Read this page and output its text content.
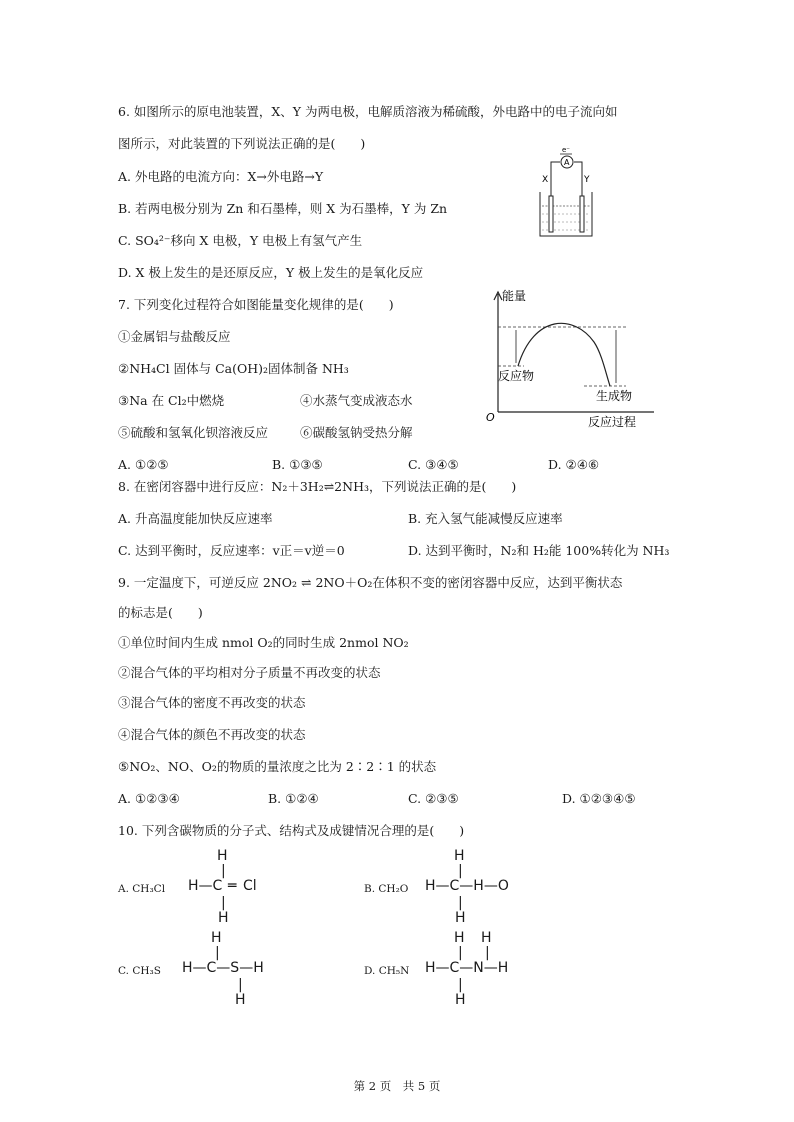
6. 如图所示的原电池装置，X、Y 为两电极，电解质溶液为稀硫酸，外电路中的电子流向如
图所示，对此装置的下列说法正确的是(　　)
A. 外电路的电流方向：X→外电路→Y
B. 若两电极分别为 Zn 和石墨棒，则 X 为石墨棒，Y 为 Zn
C. SO₄²⁻移向 X 电极，Y 电极上有氢气产生
D. X 极上发生的是还原反应，Y 极上发生的是氧化反应
e⁻
A
X	Y
7. 下列变化过程符合如图能量变化规律的是(　　)
①金属铝与盐酸反应
②NH₄Cl 固体与 Ca(OH)₂固体制备 NH₃
③Na 在 Cl₂中燃烧	④水蒸气变成液态水
⑤硫酸和氢氧化钡溶液反应	⑥碳酸氢钠受热分解
A. ①②⑤	B. ①③⑤	C. ③④⑤	D. ②④⑥
能量
O	反应过程
反应物
生成物
8. 在密闭容器中进行反应：N₂＋3H₂⇌2NH₃，下列说法正确的是(　　)
A. 升高温度能加快反应速率	B. 充入氢气能减慢反应速率
C. 达到平衡时，反应速率：v正＝v逆＝0	D. 达到平衡时，N₂和 H₂能 100%转化为 NH₃
9. 一定温度下，可逆反应 2NO₂ ⇌ 2NO＋O₂在体积不变的密闭容器中反应，达到平衡状态
的标志是(　　)
①单位时间内生成 nmol O₂的同时生成 2nmol NO₂
②混合气体的平均相对分子质量不再改变的状态
③混合气体的密度不再改变的状态
④混合气体的颜色不再改变的状态
⑤NO₂、NO、O₂的物质的量浓度之比为 2∶2∶1 的状态
A. ①②③④	B. ①②④	C. ②③⑤	D. ①②③④⑤
10. 下列含碳物质的分子式、结构式及成键情况合理的是(　　)
A. CH₃Cl
H
|
H—C ═ Cl
|
H
B. CH₂O
H
|
H—C—H—O
|
H
C. CH₃S
H
|
H—C—S—H
|
H
D. CH₅N
H H
| |
H—C—N—H
|
H
第 2 页　共 5 页
